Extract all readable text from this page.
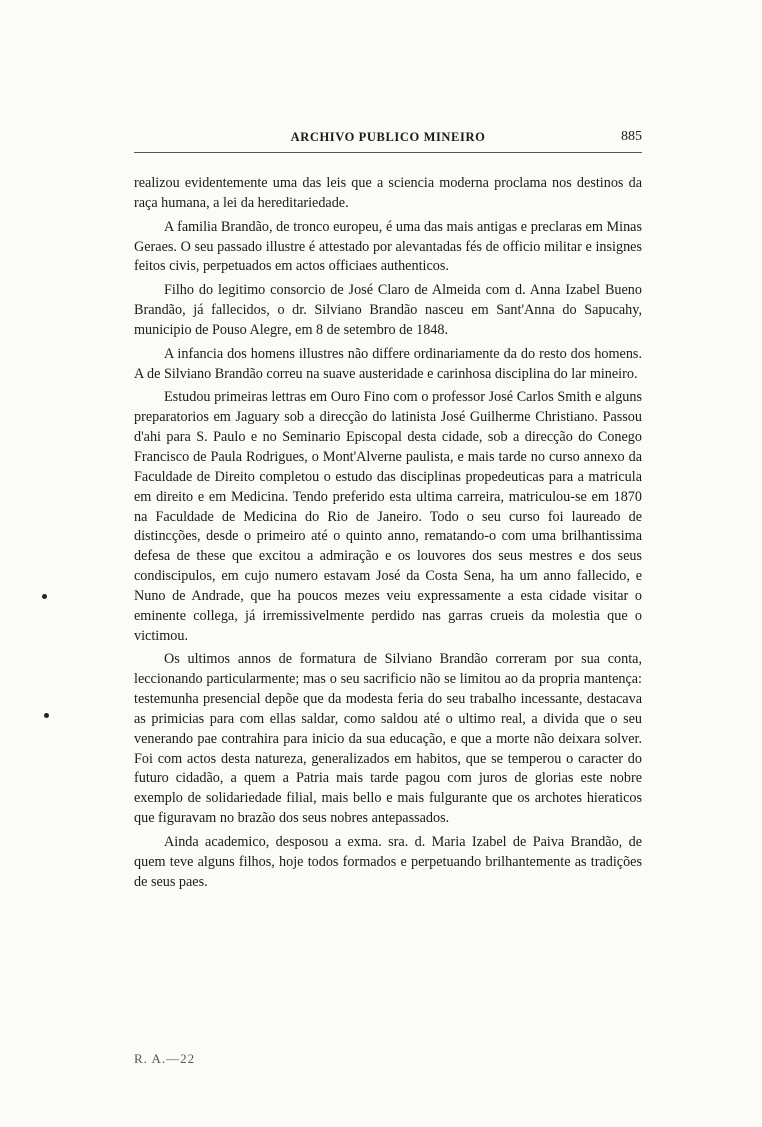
ARCHIVO PUBLICO MINEIRO	885

realizou evidentemente uma das leis que a sciencia moderna proclama nos destinos da raça humana, a lei da hereditariedade.

A familia Brandão, de tronco europeu, é uma das mais antigas e preclaras em Minas Geraes. O seu passado illustre é attestado por alevantadas fés de officio militar e insignes feitos civis, perpetuados em actos officiaes authenticos.

Filho do legitimo consorcio de José Claro de Almeida com d. Anna Izabel Bueno Brandão, já fallecidos, o dr. Silviano Brandão nasceu em Sant'Anna do Sapucahy, municipio de Pouso Alegre, em 8 de setembro de 1848.

A infancia dos homens illustres não differe ordinariamente da do resto dos homens. A de Silviano Brandão correu na suave austeridade e carinhosa disciplina do lar mineiro.

Estudou primeiras lettras em Ouro Fino com o professor José Carlos Smith e alguns preparatorios em Jaguary sob a direcção do latinista José Guilherme Christiano. Passou d'ahi para S. Paulo e no Seminario Episcopal desta cidade, sob a direcção do Conego Francisco de Paula Rodrigues, o Mont'Alverne paulista, e mais tarde no curso annexo da Faculdade de Direito completou o estudo das disciplinas propedeuticas para a matricula em direito e em Medicina. Tendo preferido esta ultima carreira, matriculou-se em 1870 na Faculdade de Medicina do Rio de Janeiro. Todo o seu curso foi laureado de distincções, desde o primeiro até o quinto anno, rematando-o com uma brilhantissima defesa de these que excitou a admiração e os louvores dos seus mestres e dos seus condiscipulos, em cujo numero estavam José da Costa Sena, ha um anno fallecido, e Nuno de Andrade, que ha poucos mezes veiu expressamente a esta cidade visitar o eminente collega, já irremissivelmente perdido nas garras crueis da molestia que o victimou.

Os ultimos annos de formatura de Silviano Brandão correram por sua conta, leccionando particularmente; mas o seu sacrificio não se limitou ao da propria mantença: testemunha presencial depõe que da modesta feria do seu trabalho incessante, destacava as primicias para com ellas saldar, como saldou até o ultimo real, a divida que o seu venerando pae contrahira para inicio da sua educação, e que a morte não deixara solver. Foi com actos desta natureza, generalizados em habitos, que se temperou o caracter do futuro cidadão, a quem a Patria mais tarde pagou com juros de glorias este nobre exemplo de solidariedade filial, mais bello e mais fulgurante que os archotes hieraticos que figuravam no brazão dos seus nobres antepassados.

Ainda academico, desposou a exma. sra. d. Maria Izabel de Paiva Brandão, de quem teve alguns filhos, hoje todos formados e perpetuando brilhantemente as tradições de seus paes.

R. A.—22
